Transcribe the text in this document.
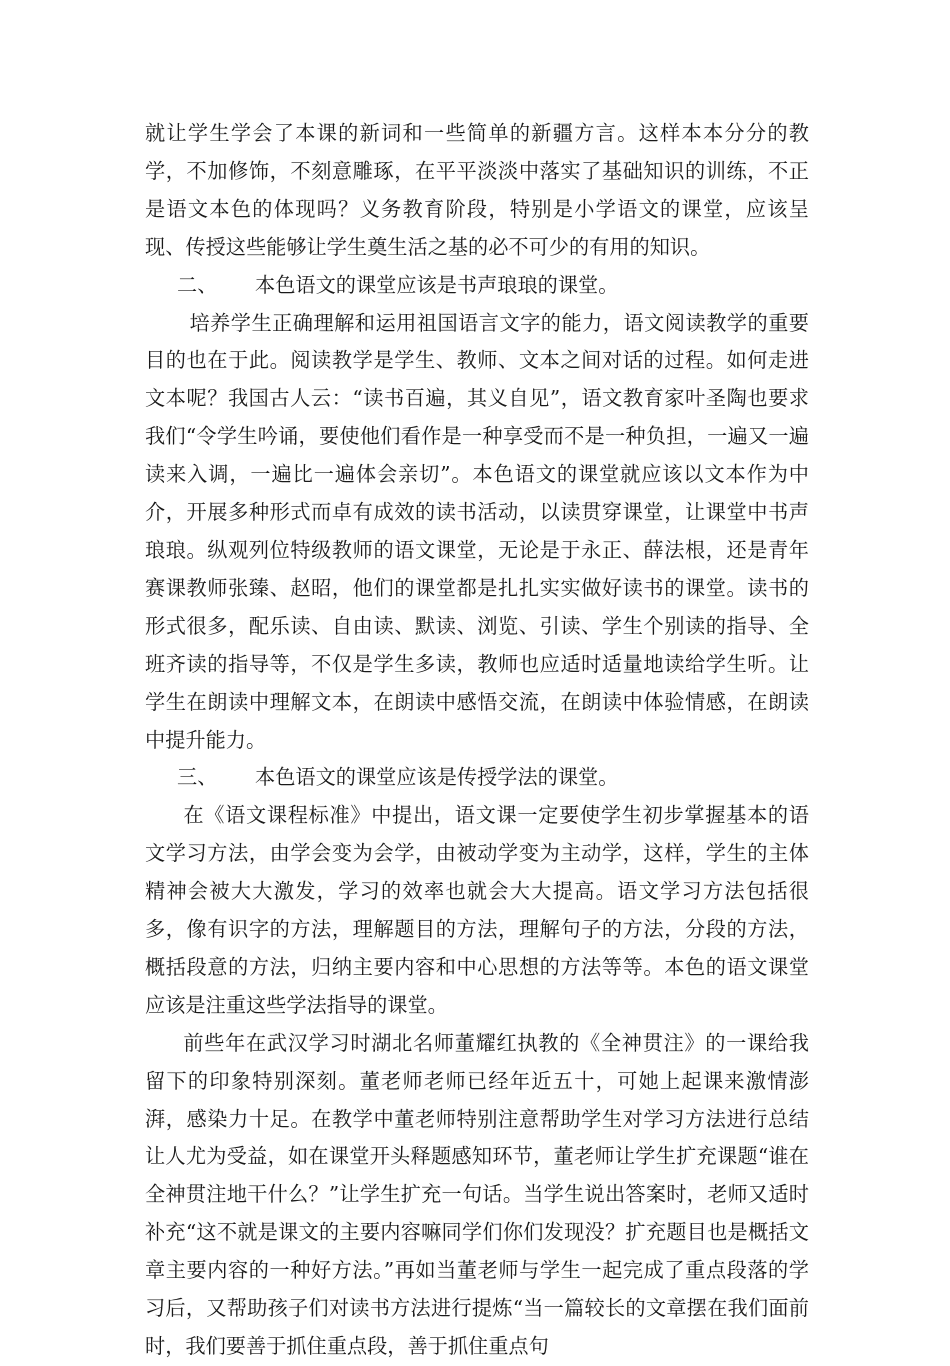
就让学生学会了本课的新词和一些简单的新疆方言。这样本本分分的教学，不加修饰，不刻意雕琢，在平平淡淡中落实了基础知识的训练，不正是语文本色的体现吗？义务教育阶段，特别是小学语文的课堂，应该呈现、传授这些能够让学生奠生活之基的必不可少的有用的知识。

二、	本色语文的课堂应该是书声琅琅的课堂。

培养学生正确理解和运用祖国语言文字的能力，语文阅读教学的重要目的也在于此。阅读教学是学生、教师、文本之间对话的过程。如何走进文本呢？我国古人云：“读书百遍，其义自见”，语文教育家叶圣陶也要求我们“令学生吟诵，要使他们看作是一种享受而不是一种负担，一遍又一遍读来入调，一遍比一遍体会亲切”。本色语文的课堂就应该以文本作为中介，开展多种形式而卓有成效的读书活动，以读贯穿课堂，让课堂中书声琅琅。纵观列位特级教师的语文课堂，无论是于永正、薛法根，还是青年赛课教师张臻、赵昭，他们的课堂都是扎扎实实做好读书的课堂。读书的形式很多，配乐读、自由读、默读、浏览、引读、学生个别读的指导、全班齐读的指导等，不仅是学生多读，教师也应适时适量地读给学生听。让学生在朗读中理解文本，在朗读中感悟交流，在朗读中体验情感，在朗读中提升能力。

三、	本色语文的课堂应该是传授学法的课堂。

在《语文课程标准》中提出，语文课一定要使学生初步掌握基本的语文学习方法，由学会变为会学，由被动学变为主动学，这样，学生的主体精神会被大大激发，学习的效率也就会大大提高。语文学习方法包括很多，像有识字的方法，理解题目的方法，理解句子的方法，分段的方法，概括段意的方法，归纳主要内容和中心思想的方法等等。本色的语文课堂应该是注重这些学法指导的课堂。

前些年在武汉学习时湖北名师董耀红执教的《全神贯注》的一课给我留下的印象特别深刻。董老师老师已经年近五十，可她上起课来激情澎湃，感染力十足。在教学中董老师特别注意帮助学生对学习方法进行总结让人尤为受益，如在课堂开头释题感知环节，董老师让学生扩充课题“谁在全神贯注地干什么？”让学生扩充一句话。当学生说出答案时，老师又适时补充“这不就是课文的主要内容嘛同学们你们发现没？扩充题目也是概括文章主要内容的一种好方法。”再如当董老师与学生一起完成了重点段落的学习后，又帮助孩子们对读书方法进行提炼“当一篇较长的文章摆在我们面前时，我们要善于抓住重点段，善于抓住重点句
